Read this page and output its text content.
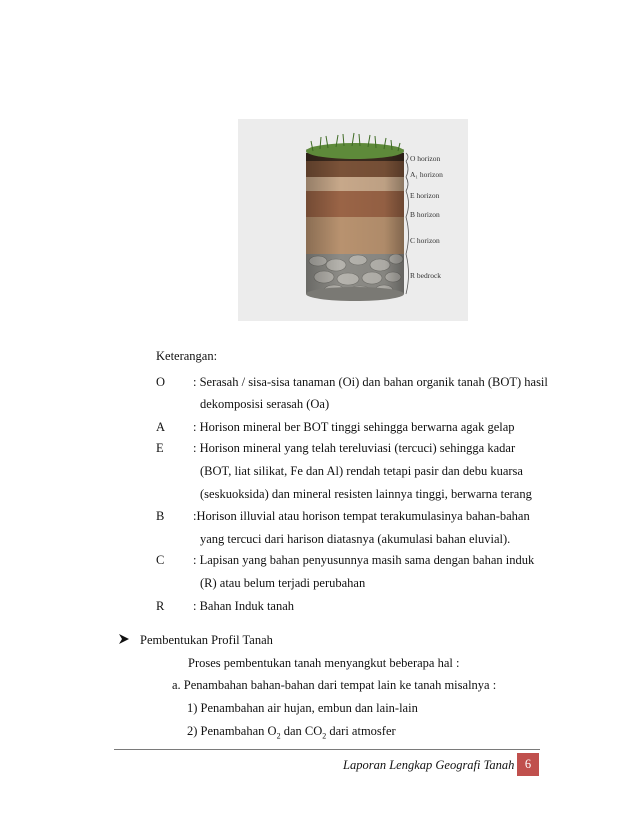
O horizon
A₁ horizon
E horizon
B horizon
C horizon
R bedrock
Keterangan:
O : Serasah / sisa-sisa tanaman (Oi) dan bahan organik tanah (BOT) hasil
dekomposisi serasah (Oa)
A : Horison mineral ber BOT tinggi sehingga berwarna agak gelap
E : Horison mineral yang telah tereluviasi (tercuci) sehingga kadar
(BOT, liat silikat, Fe dan Al) rendah tetapi pasir dan debu kuarsa
(seskuoksida) dan mineral resisten lainnya tinggi, berwarna terang
B :Horison illuvial atau horison tempat terakumulasinya bahan-bahan
yang tercuci dari harison diatasnya (akumulasi bahan eluvial).
C : Lapisan yang bahan penyusunnya masih sama dengan bahan induk
(R) atau belum terjadi perubahan
R : Bahan Induk tanah
Pembentukan Profil Tanah
Proses pembentukan tanah menyangkut beberapa hal :
a. Penambahan bahan-bahan dari tempat lain ke tanah misalnya :
1) Penambahan air hujan, embun dan lain-lain
2) Penambahan $O_2$ dan $CO_2$ dari atmosfer
Laporan Lengkap Geografi Tanah 6
